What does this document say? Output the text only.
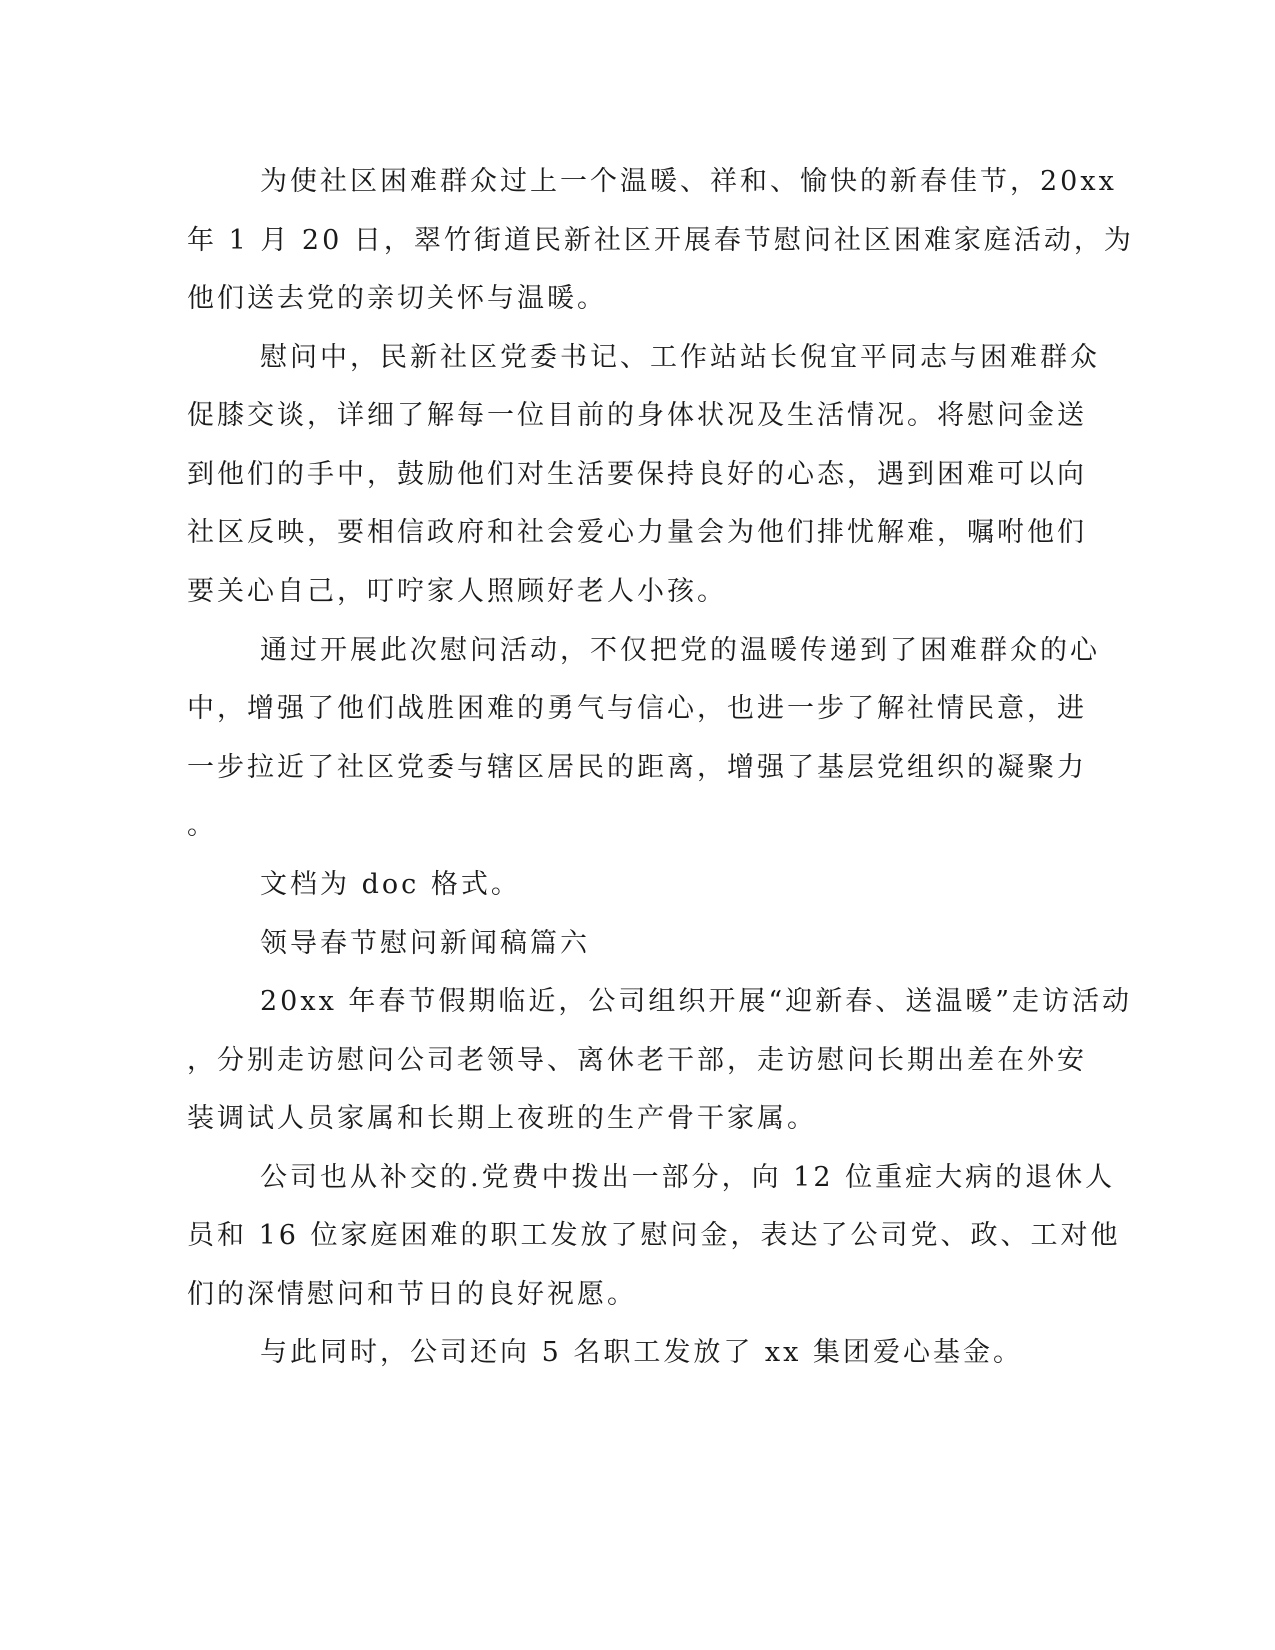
为使社区困难群众过上一个温暖、祥和、愉快的新春佳节，20xx
年 1 月 20 日，翠竹街道民新社区开展春节慰问社区困难家庭活动，为
他们送去党的亲切关怀与温暖。
慰问中，民新社区党委书记、工作站站长倪宜平同志与困难群众
促膝交谈，详细了解每一位目前的身体状况及生活情况。将慰问金送
到他们的手中，鼓励他们对生活要保持良好的心态，遇到困难可以向
社区反映，要相信政府和社会爱心力量会为他们排忧解难，嘱咐他们
要关心自己，叮咛家人照顾好老人小孩。
通过开展此次慰问活动，不仅把党的温暖传递到了困难群众的心
中，增强了他们战胜困难的勇气与信心，也进一步了解社情民意，进
一步拉近了社区党委与辖区居民的距离，增强了基层党组织的凝聚力
。
文档为 doc 格式。
领导春节慰问新闻稿篇六
20xx 年春节假期临近，公司组织开展“迎新春、送温暖”走访活动
，分别走访慰问公司老领导、离休老干部，走访慰问长期出差在外安
装调试人员家属和长期上夜班的生产骨干家属。
公司也从补交的.党费中拨出一部分，向 12 位重症大病的退休人
员和 16 位家庭困难的职工发放了慰问金，表达了公司党、政、工对他
们的深情慰问和节日的良好祝愿。
与此同时，公司还向 5 名职工发放了 xx 集团爱心基金。
